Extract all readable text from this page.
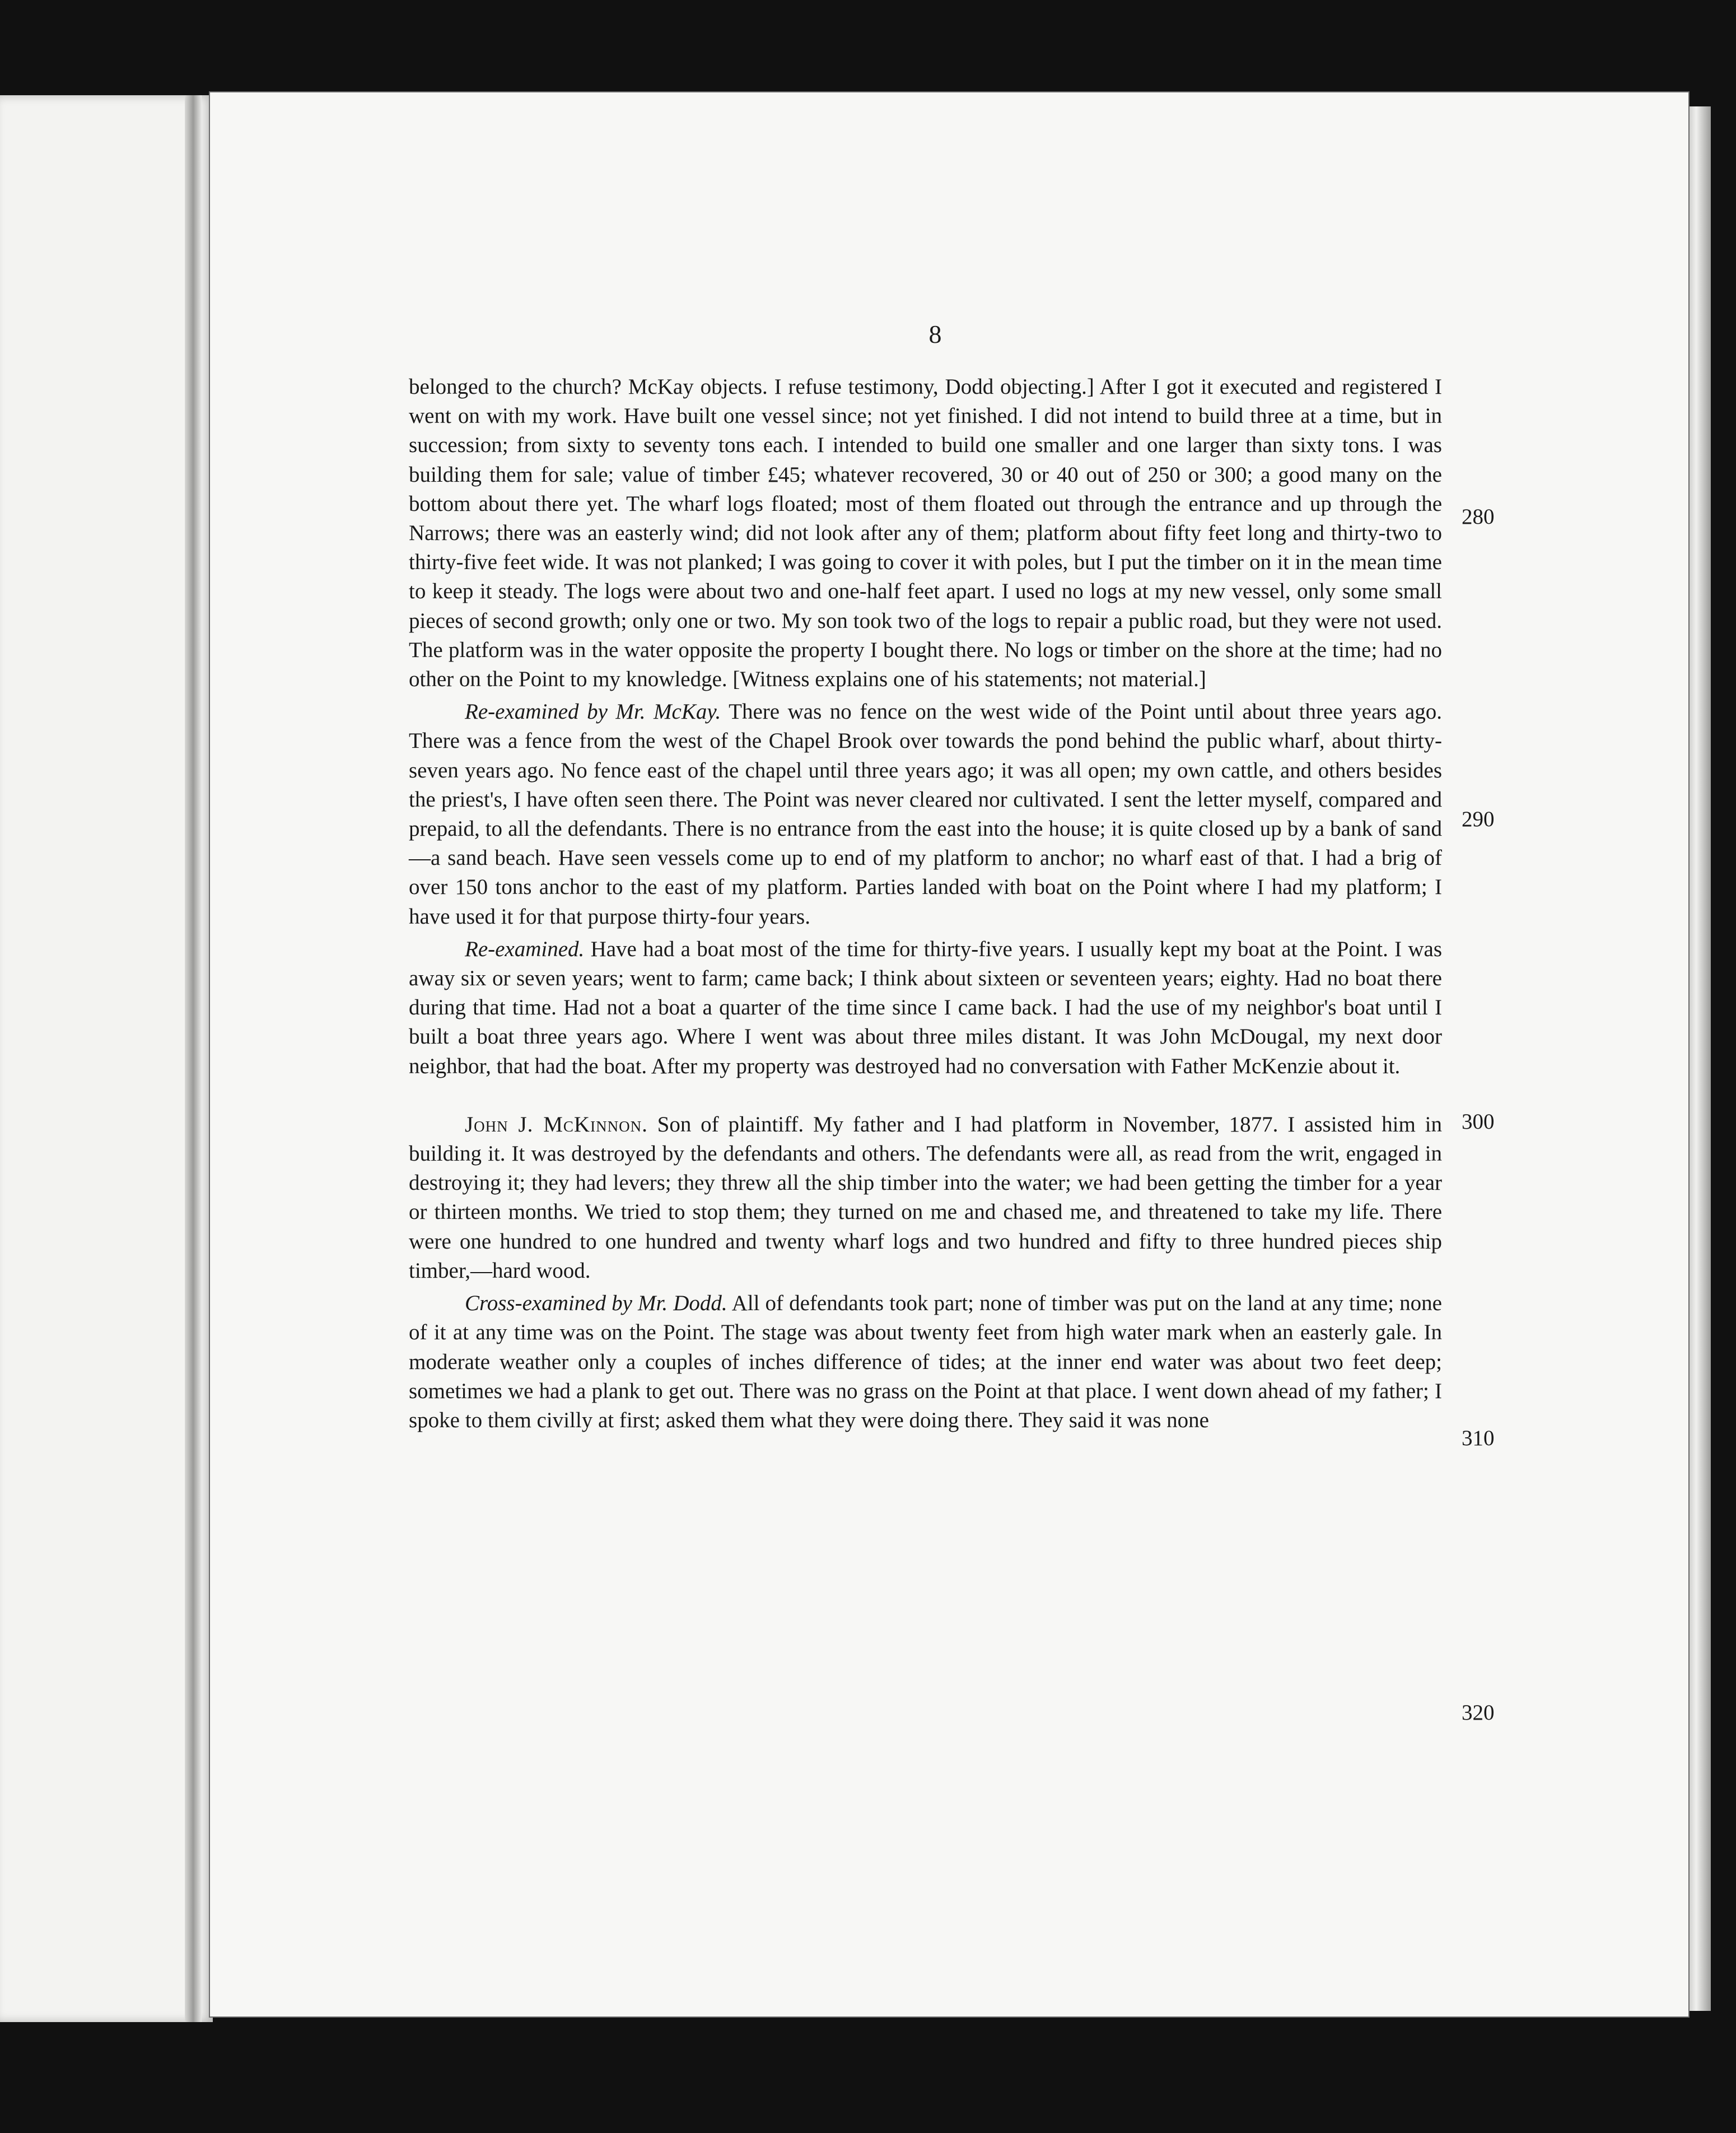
8

belonged to the church? McKay objects. I refuse testimony, Dodd objecting.] After I got it executed and registered I went on with my work. Have built one vessel since; not yet finished. I did not intend to build three at a time, but in succession; from sixty to seventy tons each. I intended to build one smaller and one larger than sixty tons. I was building them for sale; value of timber £45; whatever recovered, 30 or 40 out of 250 or 300; a good many on the bottom about there yet. The wharf logs floated; most of them floated out through the entrance and up through the Narrows; there was an easterly wind; did not look after any of them; platform about fifty feet long and thirty-two to thirty-five feet wide. It was not planked; I was going to cover it with poles, but I put the timber on it in the mean time to keep it steady. The logs were about two and one-half feet apart. I used no logs at my new vessel, only some small pieces of second growth; only one or two. My son took two of the logs to repair a public road, but they were not used. The platform was in the water opposite the property I bought there. No logs or timber on the shore at the time; had no other on the Point to my knowledge. [Witness explains one of his statements; not material.]

Re-examined by Mr. McKay. There was no fence on the west wide of the Point until about three years ago. There was a fence from the west of the Chapel Brook over towards the pond behind the public wharf, about thirty-seven years ago. No fence east of the chapel until three years ago; it was all open; my own cattle, and others besides the priest's, I have often seen there. The Point was never cleared nor cultivated. I sent the letter myself, compared and prepaid, to all the defendants. There is no entrance from the east into the house; it is quite closed up by a bank of sand—a sand beach. Have seen vessels come up to end of my platform to anchor; no wharf east of that. I had a brig of over 150 tons anchor to the east of my platform. Parties landed with boat on the Point where I had my platform; I have used it for that purpose thirty-four years.

Re-examined. Have had a boat most of the time for thirty-five years. I usually kept my boat at the Point. I was away six or seven years; went to farm; came back; I think about sixteen or seventeen years; eighty. Had no boat there during that time. Had not a boat a quarter of the time since I came back. I had the use of my neighbor's boat until I built a boat three years ago. Where I went was about three miles distant. It was John McDougal, my next door neighbor, that had the boat. After my property was destroyed had no conversation with Father McKenzie about it.

John J. McKinnon. Son of plaintiff. My father and I had platform in November, 1877. I assisted him in building it. It was destroyed by the defendants and others. The defendants were all, as read from the writ, engaged in destroying it; they had levers; they threw all the ship timber into the water; we had been getting the timber for a year or thirteen months. We tried to stop them; they turned on me and chased me, and threatened to take my life. There were one hundred to one hundred and twenty wharf logs and two hundred and fifty to three hundred pieces ship timber,—hard wood.

Cross-examined by Mr. Dodd. All of defendants took part; none of timber was put on the land at any time; none of it at any time was on the Point. The stage was about twenty feet from high water mark when an easterly gale. In moderate weather only a couples of inches difference of tides; at the inner end water was about two feet deep; sometimes we had a plank to get out. There was no grass on the Point at that place. I went down ahead of my father; I spoke to them civilly at first; asked them what they were doing there. They said it was none

280
290
300
310
320
